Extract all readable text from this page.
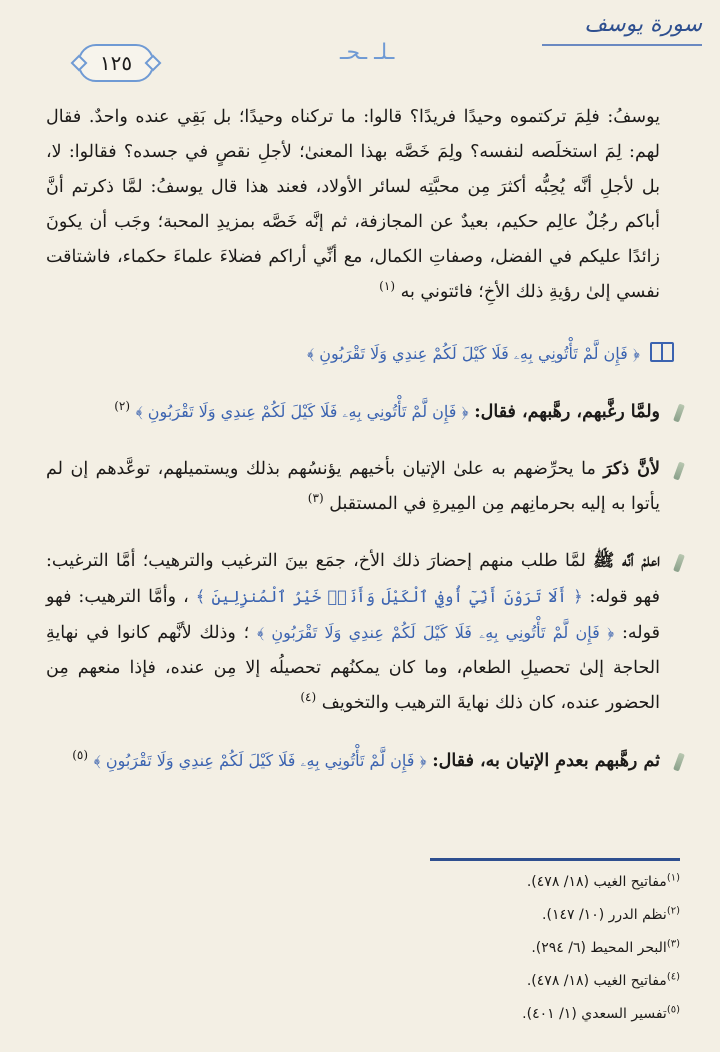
سورة يوسف
ـلـ ـحـ
١٢٥

يوسفُ: فلِمَ تركتموه وحيدًا فريدًا؟ قالوا: ما تركناه وحيدًا؛ بل بَقِي عنده واحدٌ. فقال لهم: لِمَ استخلَصه لنفسه؟ ولِمَ خَصَّه بهذا المعنىٰ؛ لأجلِ نقصٍ في جسده؟ فقالوا: لا، بل لأجلِ أنَّه يُحِبُّه أكثرَ مِن محبَّتِه لسائر الأولاد، فعند هذا قال يوسفُ: لمَّا ذكرتم أنَّ أباكم رجُلٌ عالِم حكيم، بعيدٌ عن المجازفة، ثم إنَّه خَصَّه بمزيدِ المحبة؛ وجَب أن يكونَ زائدًا عليكم في الفضل، وصفاتِ الكمال، مع أنِّي أراكم فضلاءَ علماءَ حكماء، فاشتاقت نفسي إلىٰ رؤيةِ ذلك الأخِ؛ فائتوني به $^{(١)}$

﴿ فَإِن لَّمْ تَأْتُونِي بِهِۦ فَلَا كَيْلَ لَكُمْ عِندِي وَلَا تَقْرَبُونِ ﴾

ولمَّا رغَّبهم، رهَّبهم، فقال: ﴿ فَإِن لَّمْ تَأْتُونِي بِهِۦ فَلَا كَيْلَ لَكُمْ عِندِي وَلَا تَقْرَبُونِ ﴾ $^{(٢)}$

لأنَّ ذكرَ ما يحرِّضهم به علىٰ الإتيان بأخيهم يؤنسُهم بذلك ويستميلهم، توعَّدهم إن لم يأتوا به إليه بحرمانِهم مِن المِيرةِ في المستقبل $^{(٣)}$

اعلمْ أنَّه ﷺ لمَّا طلب منهم إحضارَ ذلك الأخ، جمَع بينَ الترغيب والترهيب؛ أمَّا الترغيب: فهو قوله: ﴿ أَلَا تَرَوْنَ أَنِّيٓ أُوفِي ٱلْكَيْلَ وَأَنَا۠ خَيْرُ ٱلْمُنزِلِينَ ﴾ ، وأمَّا الترهيب: فهو قوله: ﴿ فَإِن لَّمْ تَأْتُونِي بِهِۦ فَلَا كَيْلَ لَكُمْ عِندِي وَلَا تَقْرَبُونِ ﴾ ؛ وذلك لأنَّهم كانوا في نهايةِ الحاجة إلىٰ تحصيلِ الطعام، وما كان يمكنُهم تحصيلُه إلا مِن عنده، فإذا منعهم مِن الحضور عنده، كان ذلك نهايةَ الترهيب والتخويف $^{(٤)}$

ثم رهَّبهم بعدمِ الإتيان به، فقال: ﴿ فَإِن لَّمْ تَأْتُونِي بِهِۦ فَلَا كَيْلَ لَكُمْ عِندِي وَلَا تَقْرَبُونِ ﴾ $^{(٥)}$

$^{(١)}$مفاتيح الغيب (١٨/ ٤٧٨).

$^{(٢)}$نظم الدرر (١٠/ ١٤٧).

$^{(٣)}$البحر المحيط (٦/ ٢٩٤).

$^{(٤)}$مفاتيح الغيب (١٨/ ٤٧٨).

$^{(٥)}$تفسير السعدي (١/ ٤٠١).
